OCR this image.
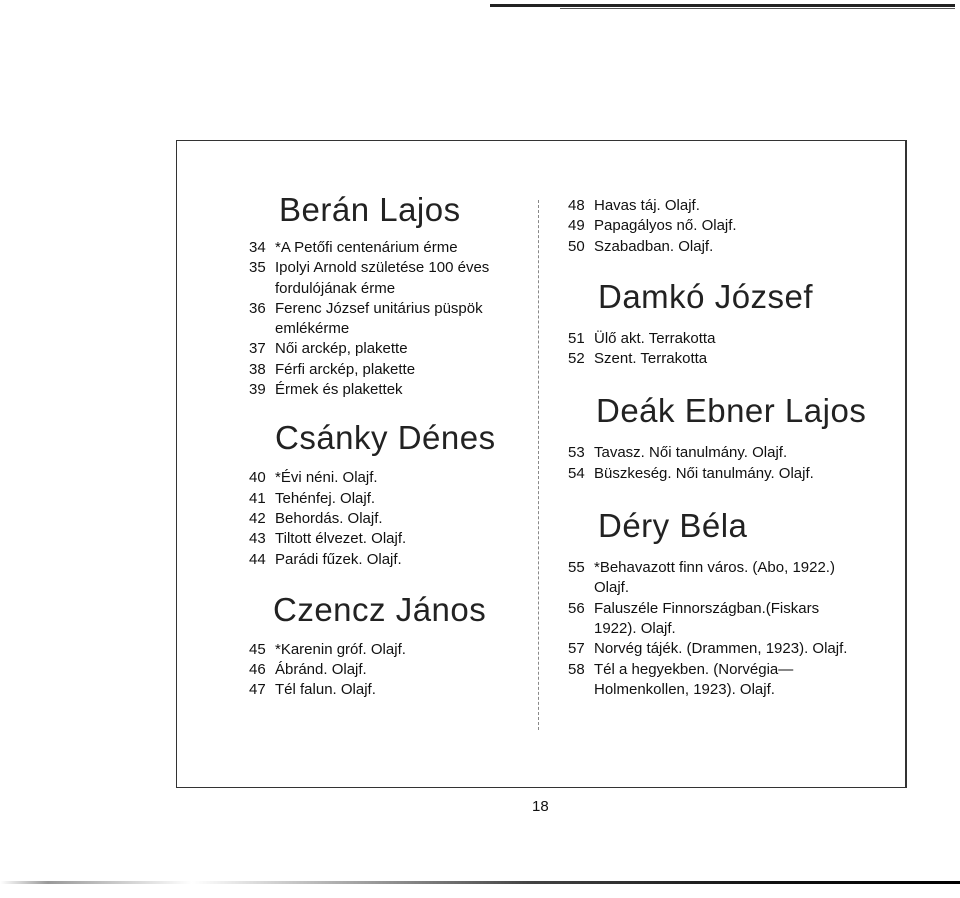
Berán Lajos
34 *A Petőfi centenárium érme
35 Ipolyi Arnold születése 100 éves fordulójának érme
36 Ferenc József unitárius püspök emlékérme
37 Női arckép, plakette
38 Férfi arckép, plakette
39 Érmek és plakettek
Csánky Dénes
40 *Évi néni. Olajf.
41 Tehénfej. Olajf.
42 Behordás. Olajf.
43 Tiltott élvezet. Olajf.
44 Parádi fűzek. Olajf.
Czencz János
45 *Karenin gróf. Olajf.
46 Ábránd. Olajf.
47 Tél falun. Olajf.
48 Havas táj. Olajf.
49 Papagályos nő. Olajf.
50 Szabadban. Olajf.
Damkó József
51 Ülő akt. Terrakotta
52 Szent. Terrakotta
Deák Ebner Lajos
53 Tavasz. Női tanulmány. Olajf.
54 Büszkeség. Női tanulmány. Olajf.
Déry Béla
55 *Behavazott finn város. (Abo, 1922.) Olajf.
56 Faluszéle Finnországban.(Fiskars 1922). Olajf.
57 Norvég tájék. (Drammen, 1923). Olajf.
58 Tél a hegyekben. (Norvégia—Holmenkollen, 1923). Olajf.
18
